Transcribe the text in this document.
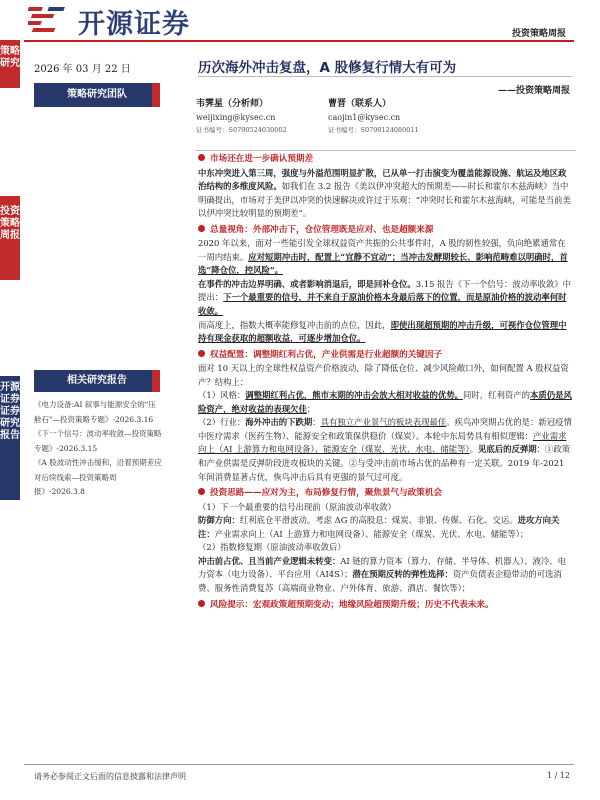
开源证券	投资策略周报
策略研究
投资策略周报
开源证券 证券研究报告
2026 年 03 月 22 日
策略研究团队
相关研究报告

《电力设备:AI 叙事与能源安全的"压舱石"—投资策略专题》-2026.3.16

《下一个信号：波动率收敛—投资策略专题》-2026.3.15

《A 股波动性冲击缓和，沿着预期差应对后续线索—投资策略周报》-2026.3.8

历次海外冲击复盘，A 股修复行情大有可为
——投资策略周报
韦霁星（分析师）
weijixing@kysec.cn
证书编号：S0790524030002
曹晋（联系人）
caojin1@kysec.cn
证书编号：S0790124080011

市场还在进一步确认预期差

中东冲突进入第三周，强度与外溢范围明显扩散，已从单一打击演变为覆盖能源设施、航运及地区政治结构的多维度风险。如我们在 3.2 报告《美以伊冲突超大的预期差——时长和霍尔木兹海峡》当中明确提出，市场对于美伊以冲突的快速解决或许过于乐观：“冲突时长和霍尔木兹海峡，可能是当前美以伊冲突比较明显的预期差”。

总量视角：外部冲击下，仓位管理既是应对、也是超额来源

2020 年以来，面对一些能引发全球权益资产共振的公共事件时，A 股的韧性较强，负向绝累通常在一周内结束。应对短期冲击时，配置上“宜静不宜动”；当冲击发酵期较长、影响范畴难以明确时，首选“降仓位，控风险”。

在事件的冲击边界明确、或者影响消退后，即是回补仓位。3.15 报告《下一个信号：波动率收敛》中提出：下一个最重要的信号，并不来自于原油价格本身最后落下的位置，而是原油价格的波动率何时收敛。

而高度上，指数大概率能修复冲击前的点位，因此，即使出现超预期的冲击升级，可视作仓位管理中持有现金获取的超额收益，可逐步增加仓位。

权益配置：调整期红利占优，产业供需是行业超额的关键因子

面对 10 天以上的全球性权益资产价格波动，除了降低仓位、减少风险敞口外，如何配置 A 股权益资产？结构上：

（1）风格：调整期红利占优，熊市末期的冲击会放大相对收益的优势。同时，红利资产的本质仍是风险资产，绝对收益的表现欠佳；

（2）行业：海外冲击的下跌期：具有独立产业景气的板块表现最佳。疾鸟冲突期占优的是：新冠疫情中医疗需求（医药生物）、能源安全和政策保供稳价（煤炭）。本轮中东局势具有相似逻辑：产业需求向上（AI 上游算力和电网设备）、能源安全（煤炭、光伏、水电、储能等）。见底后的反弹期：①政策和产业供需是反弹阶段进攻板块的关键。②与受冲击前市场占优的品种有一定关联。2019 年-2021 年间消费显著占优，恢鸟冲击后具有更强的景气过可度。

投资思路——应对为主，布局修复行情，聚焦景气与政策机会

（1）下一个最重要的信号出现前（原油波动率收敛）

防御方向：红利底仓平滑波动。考虑 ΔG 的高股息：煤炭、非银、传媒、石化、交运。进攻方向关注：产业需求向上（AI 上游算力和电网设备）、能源安全（煤炭、光伏、水电、储能等）；

（2）指数修复期（原油波动率收敛后）

冲击前占优、且当前产业逻辑未转变：AI 链的算力资本（算力、存储、半导体、机器人）、液冷、电力资本（电力设备）、平台应用（AI4S）；潜在预期反转的弹性选择：资产负债表企稳带动的可选消费、服务性消费复苏（高端商业物业、户外体育、旅游、酒店、餐饮等）；

风险提示：宏观政策超预期变动；地缘风险超预期升级；历史不代表未来。

请务必参阅正文后面的信息披露和法律声明	1 / 12
